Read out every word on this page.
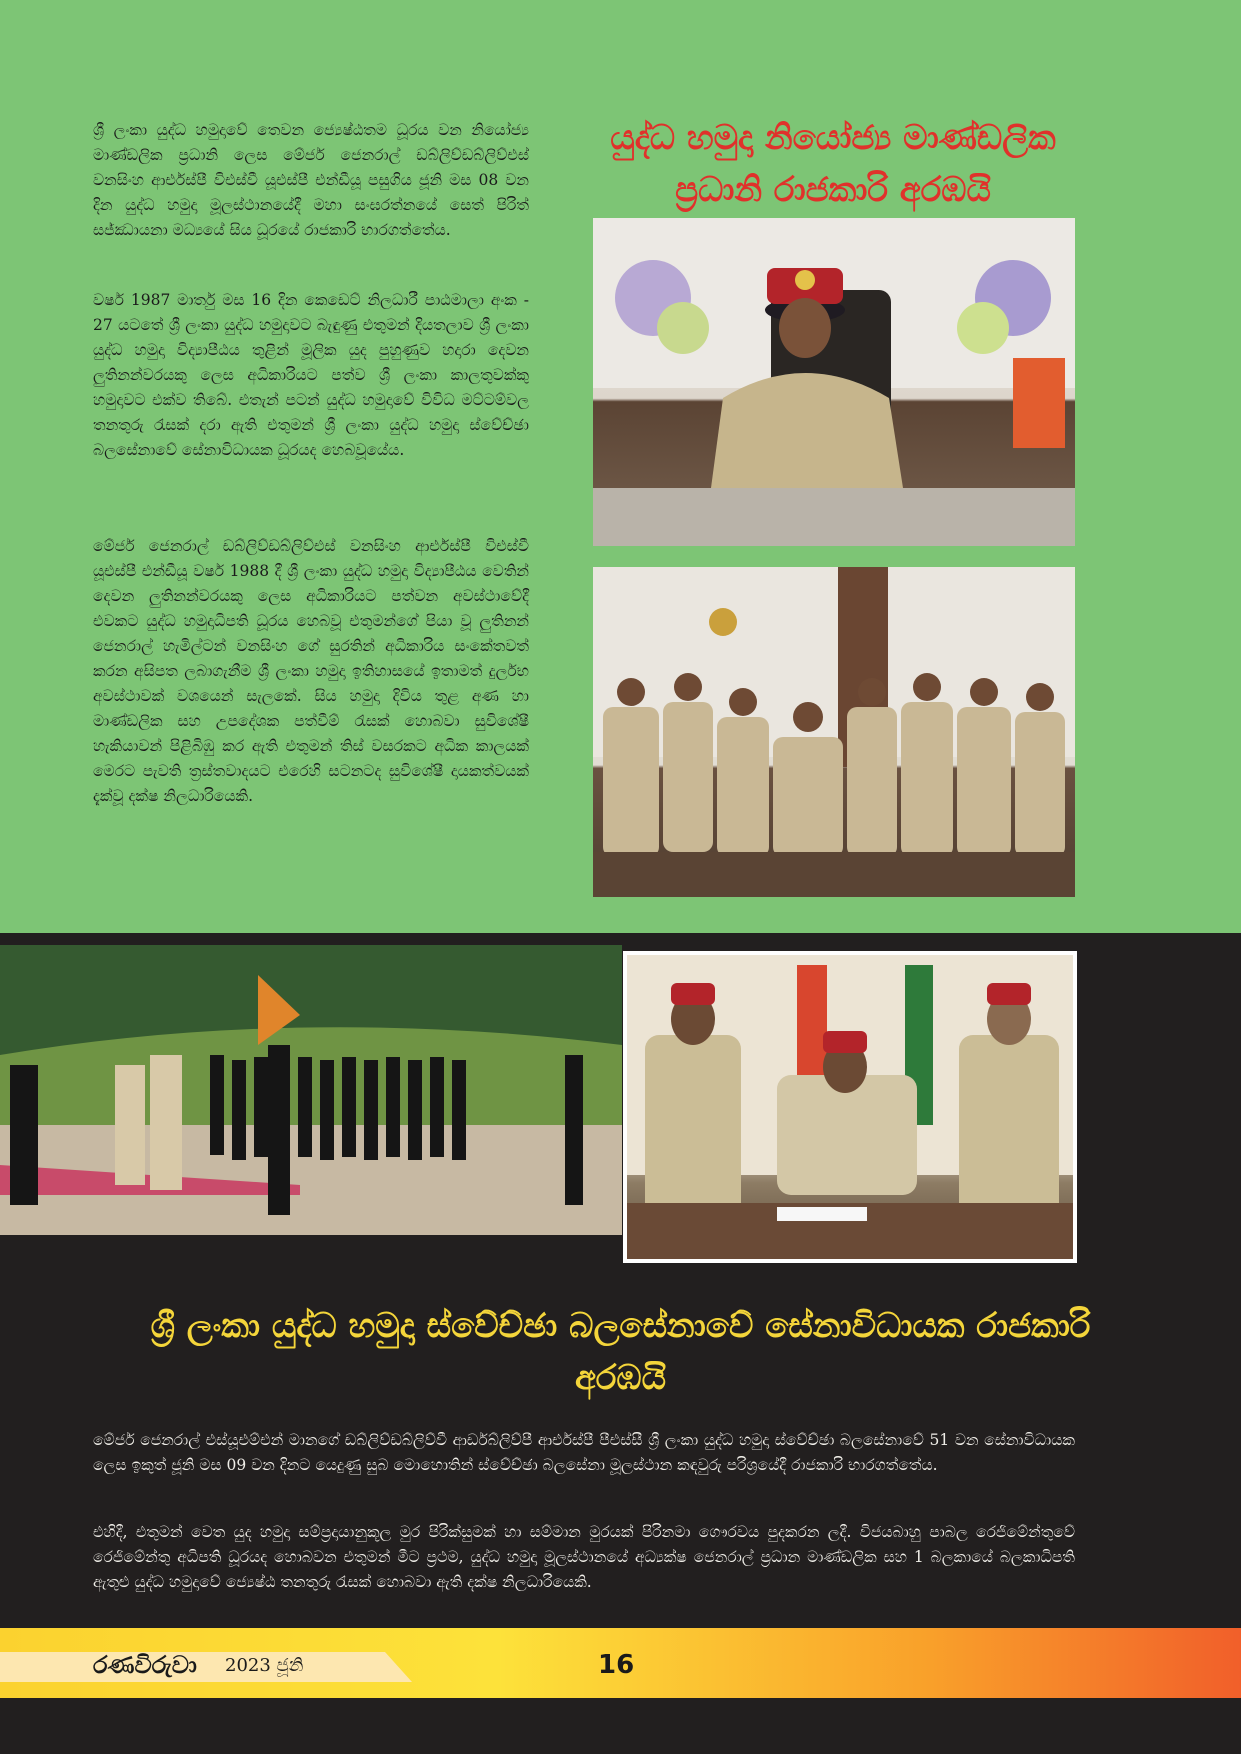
ශ්‍රී ලංකා යුද්ධ හමුදාවේ තෙවන ජ්‍යෙෂ්ඨතම ධූරය වන නියෝජ්‍ය මාණ්ඩලික ප්‍රධානි ලෙස මේජර් ජෙනරාල් ඩබ්ලිව්ඩබ්ලිව්එස් වනසිංහ ආර්එස්පී විඑස්වී යූඑස්පී එන්ඩීයූ පසුගිය ජූනි මස 08 වන දින යුද්ධ හමුදා මූලස්ථානයේදී මහා සංඝරත්නයේ සෙත් පිරිත් සජ්ඣායනා මධ්‍යයේ සිය ධූරයේ රාජකාරි භාරගත්තේය.

වර්ෂ 1987 මාර්තු මස 16 දින කෙඩෙට් නිලධාරී පාඨමාලා අංක - 27 යටතේ ශ්‍රී ලංකා යුද්ධ හමුදාවට බැඳුණු එතුමන් දියතලාව ශ්‍රී ලංකා යුද්ධ හමුදා විද්‍යාපීඨය තුළින් මූලික යුද පුහුණුව හදාරා දෙවන ලුතිනන්වරයකු ලෙස අධිකාරියට පත්ව ශ්‍රී ලංකා කාලතුවක්කු හමුදාවට එක්ව තිබේ. එතැන් පටන් යුද්ධ හමුදාවේ විවිධ මට්ටම්වල තනතුරු රැසක් දරා ඇති එතුමන් ශ්‍රී ලංකා යුද්ධ හමුදා ස්වේච්ඡා බලසේනාවේ සේනාවිධායක ධූරයද හෙබවූයේය.

මේජර් ජෙනරාල් ඩබ්ලිව්ඩබ්ලිව්එස් වනසිංහ ආර්එස්පී විඑස්වී යූඑස්පී එන්ඩීයූ වර්ෂ 1988 දී ශ්‍රී ලංකා යුද්ධ හමුදා විද්‍යාපීඨය වෙතින් දෙවන ලුතිනන්වරයකු ලෙස අධිකාරියට පත්වන අවස්ථාවේදී එවකට යුද්ධ හමුදාධිපති ධූරය හෙබවූ එතුමන්ගේ පියා වූ ලුතිනන් ජෙනරාල් හැමිල්ටන් වනසිංහ ගේ සුරතින් අධිකාරිය සංකේතවත් කරන අසිපත ලබාගැනීම ශ්‍රී ලංකා හමුදා ඉතිහාසයේ ඉතාමත් දුර්ලභ අවස්ථාවක් වශයෙන් සැලකේ. සිය හමුදා දිවිය තුළ අණ හා මාණ්ඩලික සහ උපදේශක පත්වීම් රැසක් හොබවා සුවිශේෂී හැකියාවන් පිළිබිඹු කර ඇති එතුමන් තිස් වසරකට අධික කාලයක් මෙරට පැවති ත්‍රස්තවාදයට එරෙහි සටනටද සුවිශේෂී දායකත්වයක් දැක්වූ දක්ෂ නිලධාරියෙකි.

යුද්ධ හමුදා නියෝජ්‍ය මාණ්ඩලික ප්‍රධානි රාජකාරි අරඹයි
ශ්‍රී ලංකා යුද්ධ හමුදා ස්වේච්ඡා බලසේනාවේ සේනාවිධායක රාජකාරි අරඹයි

මේජර් ජෙනරාල් එස්යූඑම්එන් මානගේ ඩබ්ලිව්ඩබ්ලිව්වී ආර්ඩබ්ලිව්පී ආර්එස්පී පීඑස්සී ශ්‍රී ලංකා යුද්ධ හමුදා ස්වේච්ඡා බලසේනාවේ 51 වන සේනාවිධායක ලෙස ඉකුත් ජූනි මස 09 වන දිනට යෙදුණු සුබ මොහොතින් ස්වේච්ඡා බලසේනා මූලස්ථාන කඳවුරු පරිශ්‍රයේදී රාජකාරි භාරගත්තේය.

එහිදී, එතුමන් වෙත යුද හමුදා සම්ප්‍රදායානුකූල මුර පිරික්සුමක් හා සම්මාන මුරයක් පිරිනමා ගෞරවය පුදකරන ලදී. විජයබාහු පාබල රෙජිමේන්තුවේ රෙජිමේන්තු අධිපති ධූරයද හොබවන එතුමන් මීට ප්‍රථම, යුද්ධ හමුදා මූලස්ථානයේ අධ්‍යක්ෂ ජෙනරාල් ප්‍රධාන මාණ්ඩලික සහ 1 බලකායේ බලකාධිපති ඇතුළු යුද්ධ හමුදාවේ ජ්‍යෙෂ්ඨ තනතුරු රැසක් හොබවා ඇති දක්ෂ නිලධාරියෙකි.

රණවිරුවා 2023 ජූනි	16
